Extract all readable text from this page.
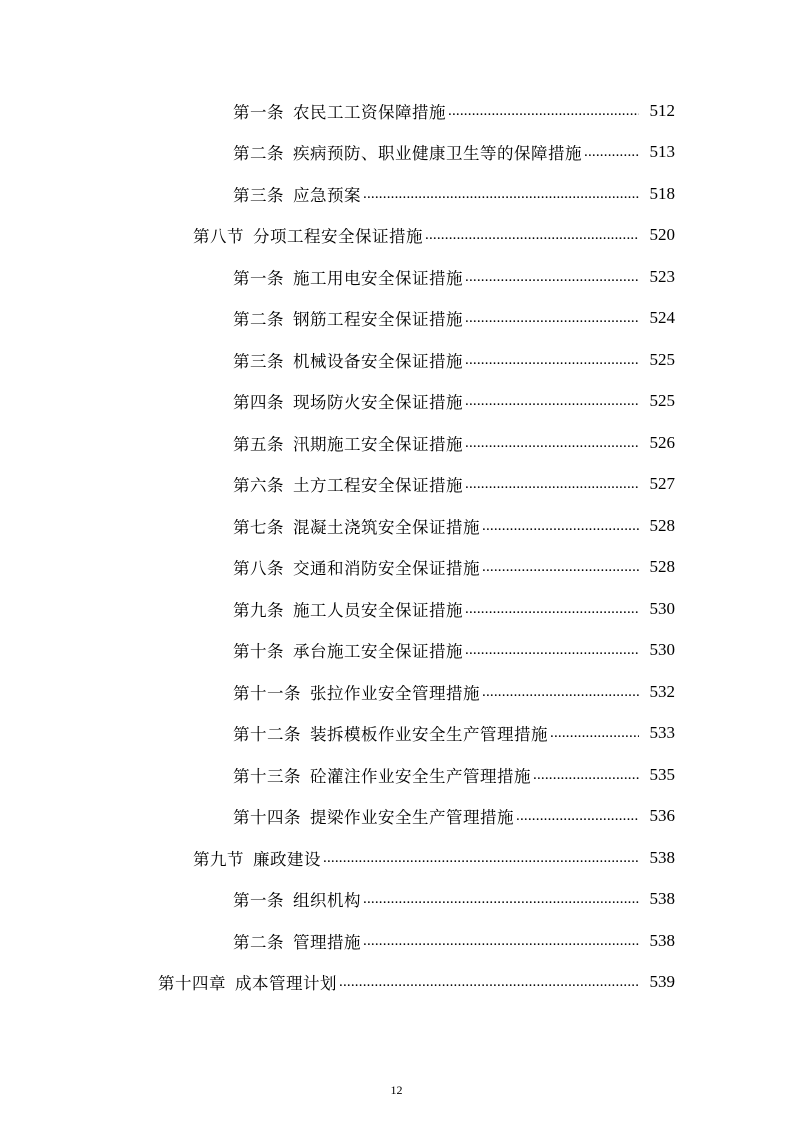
第一条 农民工工资保障措施 .....	512
第二条 疾病预防、职业健康卫生等的保障措施 .....	513
第三条 应急预案 .....	518
第八节 分项工程安全保证措施 .....	520
第一条 施工用电安全保证措施 .....	523
第二条 钢筋工程安全保证措施 .....	524
第三条 机械设备安全保证措施 .....	525
第四条 现场防火安全保证措施 .....	525
第五条 汛期施工安全保证措施 .....	526
第六条 土方工程安全保证措施 .....	527
第七条 混凝土浇筑安全保证措施 .....	528
第八条 交通和消防安全保证措施 .....	528
第九条 施工人员安全保证措施 .....	530
第十条 承台施工安全保证措施 .....	530
第十一条 张拉作业安全管理措施 .....	532
第十二条 装拆模板作业安全生产管理措施 .....	533
第十三条 砼灌注作业安全生产管理措施 .....	535
第十四条 提梁作业安全生产管理措施 .....	536
第九节 廉政建设 .....	538
第一条 组织机构 .....	538
第二条 管理措施 .....	538
第十四章 成本管理计划 .....	539
12
